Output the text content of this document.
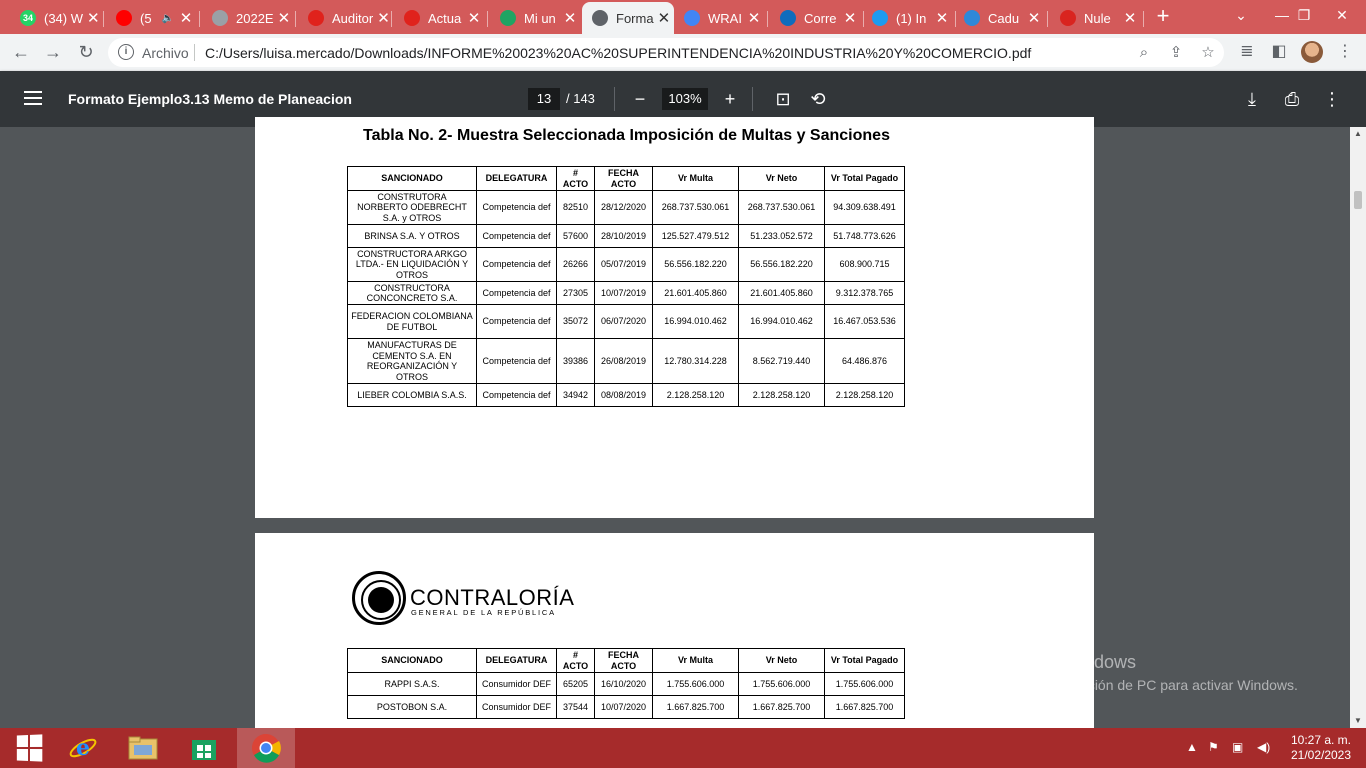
34 (34) W ✕	(5 🔈 ✕	2022E ✕	Auditor ✕	Actua ✕	Mi un ✕	Forma ✕	WRAI ✕	Corre ✕	(1) In ✕	Cadu ✕	Nule ✕ +	⌄	— ❐	✕
← → ↻	i	Archivo C:/Users/luisa.mercado/Downloads/INFORME%20023%20AC%20SUPERINTENDENCIA%20INDUSTRIA%20Y%20COMERCIO.pdf	⌕	⇪ ☆ ≣ ◧	⋮
Formato Ejemplo3.13 Memo de Planeacion	13	/ 143	−	103%	+	⊡ ⟲	⤓	⎙ ⋮
Tabla No. 2- Muestra Seleccionada Imposición de Multas y Sanciones
SANCIONADO	DELEGATURA	# ACTO	FECHA ACTO	Vr Multa	Vr Neto	Vr Total Pagado
CONSTRUTORA NORBERTO ODEBRECHT S.A. y OTROS	Competencia def	82510	28/12/2020	268.737.530.061	268.737.530.061	94.309.638.491
BRINSA S.A. Y OTROS	Competencia def	57600	28/10/2019	125.527.479.512	51.233.052.572	51.748.773.626
CONSTRUCTORA ARKGO LTDA.- EN LIQUIDACIÓN Y OTROS	Competencia def	26266	05/07/2019	56.556.182.220	56.556.182.220	608.900.715
CONSTRUCTORA CONCONCRETO S.A.	Competencia def	27305	10/07/2019	21.601.405.860	21.601.405.860	9.312.378.765
FEDERACION COLOMBIANA DE FUTBOL	Competencia def	35072	06/07/2020	16.994.010.462	16.994.010.462	16.467.053.536
MANUFACTURAS DE CEMENTO S.A. EN REORGANIZACIÓN Y OTROS	Competencia def	39386	26/08/2019	12.780.314.228	8.562.719.440	64.486.876
LIEBER COLOMBIA S.A.S.	Competencia def	34942	08/08/2019	2.128.258.120	2.128.258.120	2.128.258.120
CONTRALORÍA
GENERAL DE LA REPÚBLICA
SANCIONADO	DELEGATURA	# ACTO	FECHA ACTO	Vr Multa	Vr Neto	Vr Total Pagado
RAPPI S.A.S.	Consumidor DEF	65205	16/10/2020	1.755.606.000	1.755.606.000	1.755.606.000
POSTOBON S.A.	Consumidor DEF	37544	10/07/2020	1.667.825.700	1.667.825.700	1.667.825.700
▲
▼
Activar Windows
Ir a Configuración de PC para activar Windows.
e	▲ ⚑ ▣ ◀) 10:27 a. m.
21/02/2023
